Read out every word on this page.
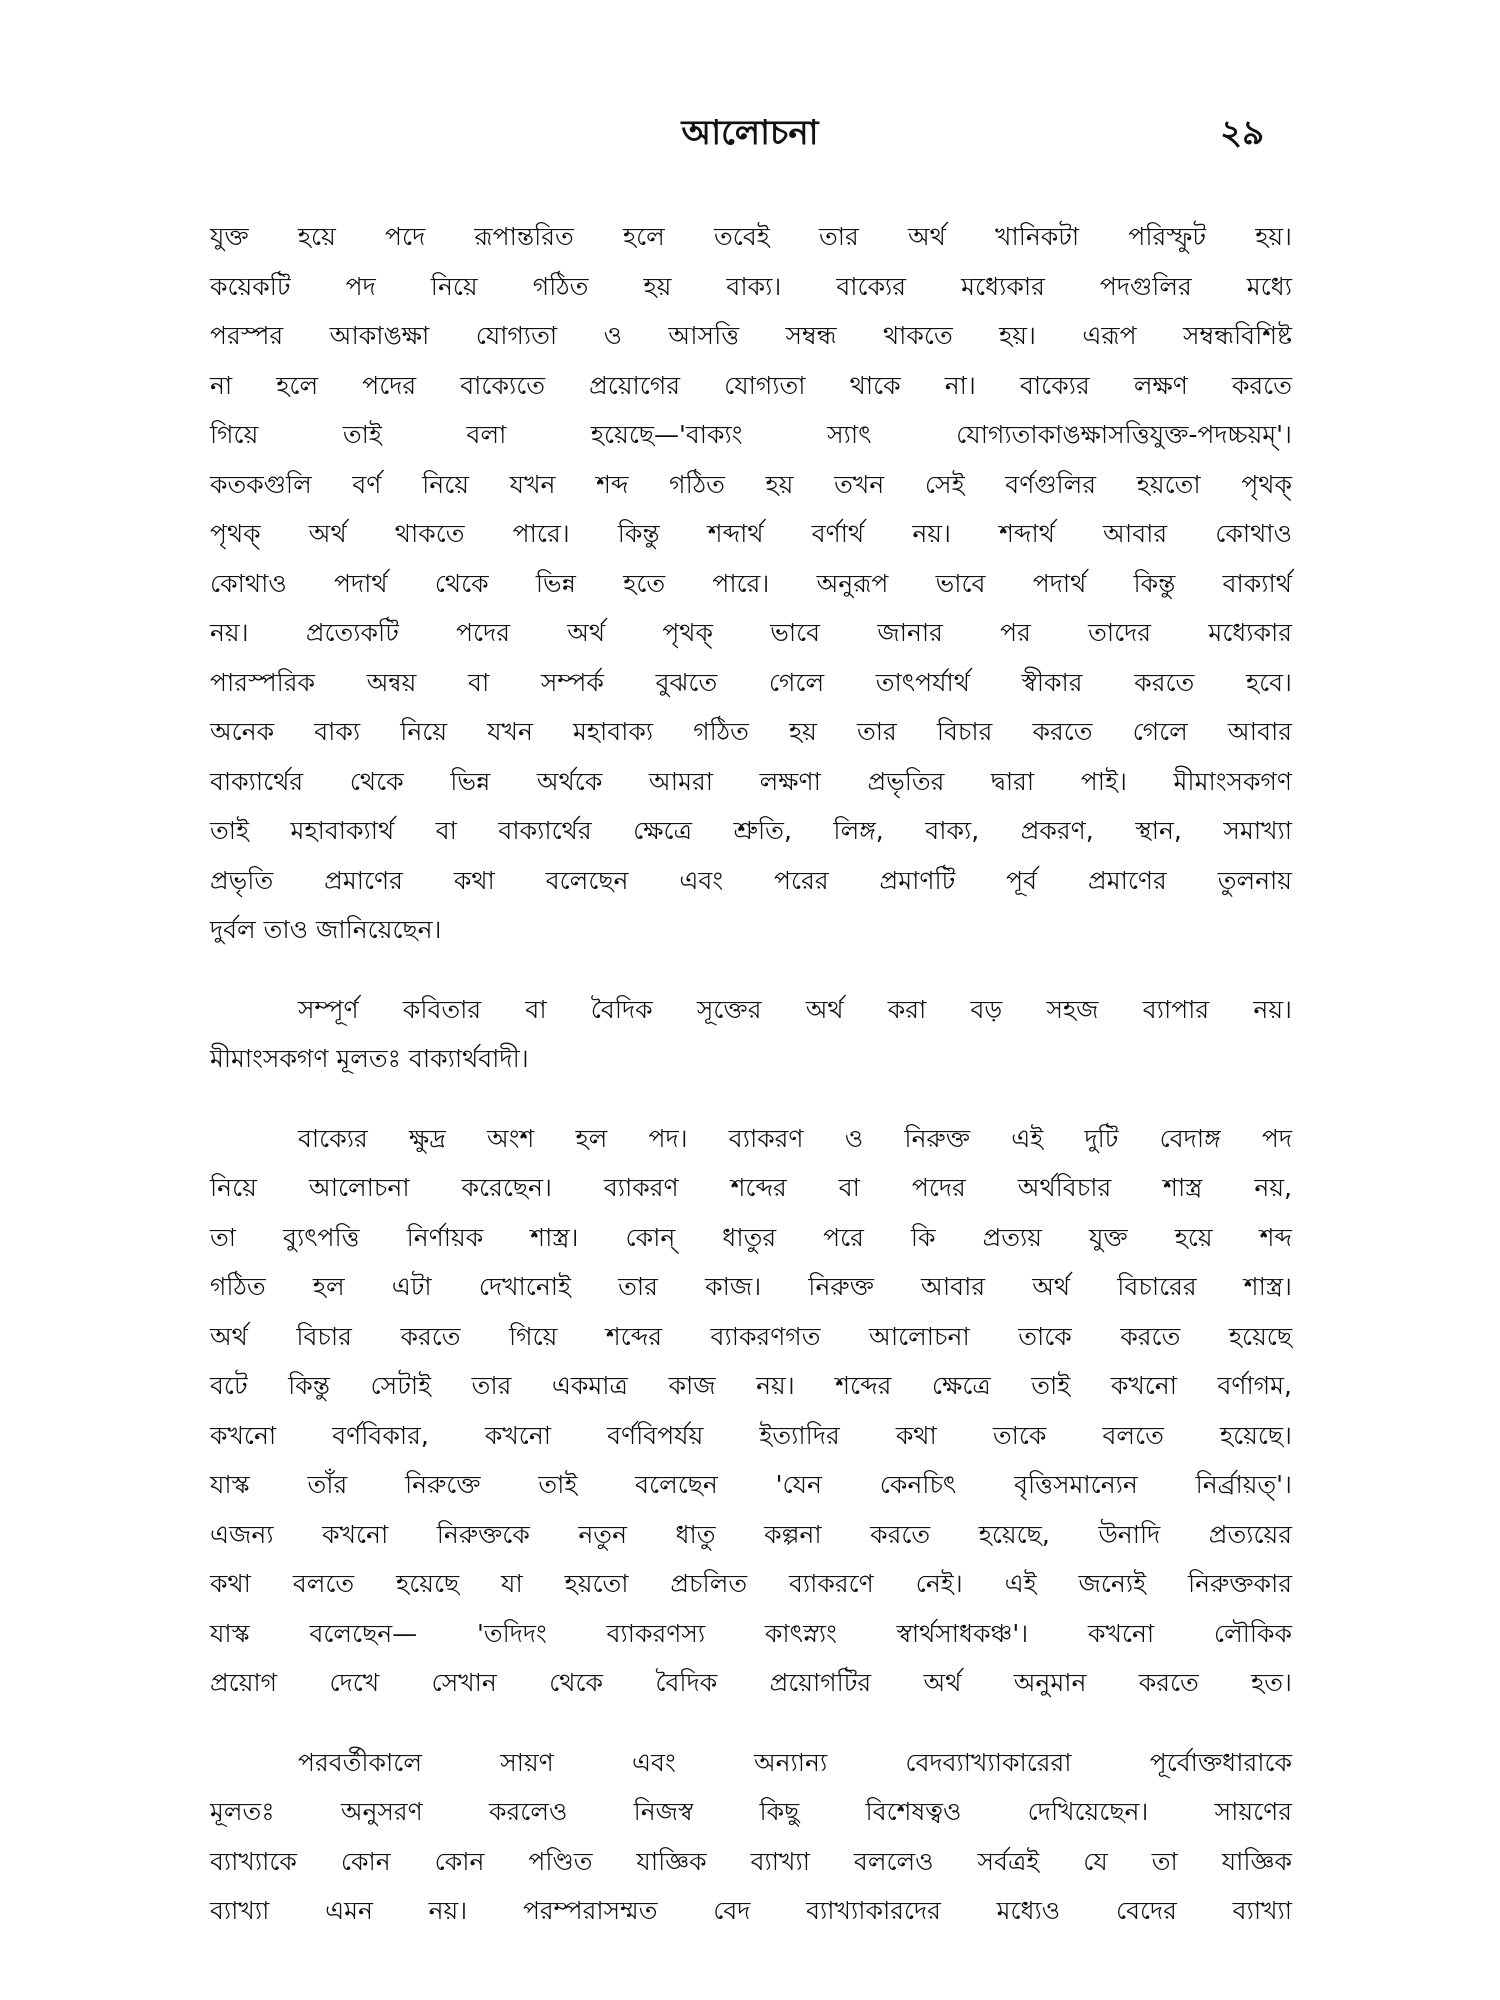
আলোচনা	২৯
যুক্ত হয়ে পদে রূপান্তরিত হলে তবেই তার অর্থ খানিকটা পরিস্ফুট হয়।
কয়েকটি পদ নিয়ে গঠিত হয় বাক্য। বাক্যের মধ্যেকার পদগুলির মধ্যে
পরস্পর আকাঙক্ষা যোগ্যতা ও আসত্তি সম্বন্ধ থাকতে হয়। এরূপ সম্বন্ধবিশিষ্ট
না হলে পদের বাক্যেতে প্রয়োগের যোগ্যতা থাকে না। বাক্যের লক্ষণ করতে
গিয়ে তাই বলা হয়েছে—'বাক্যং স্যাৎ যোগ্যতাকাঙক্ষাসত্তিযুক্ত-পদচ্চয়ম্'।
কতকগুলি বর্ণ নিয়ে যখন শব্দ গঠিত হয় তখন সেই বর্ণগুলির হয়তো পৃথক্
পৃথক্ অর্থ থাকতে পারে। কিন্তু শব্দার্থ বর্ণার্থ নয়। শব্দার্থ আবার কোথাও
কোথাও পদার্থ থেকে ভিন্ন হতে পারে। অনুরূপ ভাবে পদার্থ কিন্তু বাক্যার্থ
নয়। প্রত্যেকটি পদের অর্থ পৃথক্ ভাবে জানার পর তাদের মধ্যেকার
পারস্পরিক অন্বয় বা সম্পর্ক বুঝতে গেলে তাৎপর্যার্থ স্বীকার করতে হবে।
অনেক বাক্য নিয়ে যখন মহাবাক্য গঠিত হয় তার বিচার করতে গেলে আবার
বাক্যার্থের থেকে ভিন্ন অর্থকে আমরা লক্ষণা প্রভৃতির দ্বারা পাই। মীমাংসকগণ
তাই মহাবাক্যার্থ বা বাক্যার্থের ক্ষেত্রে শ্রুতি, লিঙ্গ, বাক্য, প্রকরণ, স্থান, সমাখ্যা
প্রভৃতি প্রমাণের কথা বলেছেন এবং পরের প্রমাণটি পূর্ব প্রমাণের তুলনায়
দুর্বল তাও জানিয়েছেন।
সম্পূর্ণ কবিতার বা বৈদিক সূক্তের অর্থ করা বড় সহজ ব্যাপার নয়।
মীমাংসকগণ মূলতঃ বাক্যার্থবাদী।
বাক্যের ক্ষুদ্র অংশ হল পদ। ব্যাকরণ ও নিরুক্ত এই দুটি বেদাঙ্গ পদ
নিয়ে আলোচনা করেছেন। ব্যাকরণ শব্দের বা পদের অর্থবিচার শাস্ত্র নয়,
তা ব্যুৎপত্তি নির্ণায়ক শাস্ত্র। কোন্ ধাতুর পরে কি প্রত্যয় যুক্ত হয়ে শব্দ
গঠিত হল এটা দেখানোই তার কাজ। নিরুক্ত আবার অর্থ বিচারের শাস্ত্র।
অর্থ বিচার করতে গিয়ে শব্দের ব্যাকরণগত আলোচনা তাকে করতে হয়েছে
বটে কিন্তু সেটাই তার একমাত্র কাজ নয়। শব্দের ক্ষেত্রে তাই কখনো বর্ণাগম,
কখনো বর্ণবিকার, কখনো বর্ণবিপর্যয় ইত্যাদির কথা তাকে বলতে হয়েছে।
যাস্ক তাঁর নিরুক্তে তাই বলেছেন 'যেন কেনচিৎ বৃত্তিসমান্যেন নির্ব্রায়ত্'।
এজন্য কখনো নিরুক্তকে নতুন ধাতু কল্পনা করতে হয়েছে, উনাদি প্রত্যয়ের
কথা বলতে হয়েছে যা হয়তো প্রচলিত ব্যাকরণে নেই। এই জন্যেই নিরুক্তকার
যাস্ক বলেছেন— 'তদিদং ব্যাকরণস্য কাৎস্ন্যং স্বার্থসাধকঞ্চ'। কখনো লৌকিক
প্রয়োগ দেখে সেখান থেকে বৈদিক প্রয়োগটির অর্থ অনুমান করতে হত।
পরবর্তীকালে সায়ণ এবং অন্যান্য বেদব্যাখ্যাকারেরা পূর্বোক্তধারাকে
মূলতঃ অনুসরণ করলেও নিজস্ব কিছু বিশেষত্বও দেখিয়েছেন। সায়ণের
ব্যাখ্যাকে কোন কোন পণ্ডিত যাজ্ঞিক ব্যাখ্যা বললেও সর্বত্রই যে তা যাজ্ঞিক
ব্যাখ্যা এমন নয়। পরম্পরাসম্মত বেদ ব্যাখ্যাকারদের মধ্যেও বেদের ব্যাখ্যা
